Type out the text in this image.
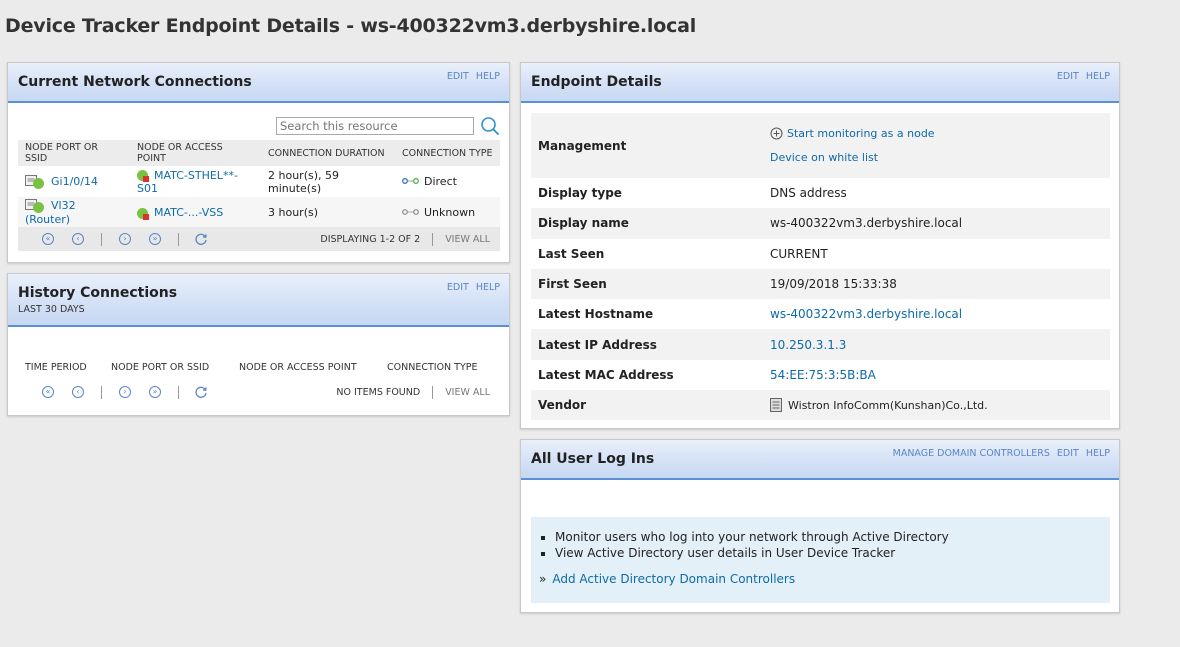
Device Tracker Endpoint Details - ws-400322vm3.derbyshire.local
Current Network Connections	EDIT HELP
Search this resource
NODE PORT OR SSID	NODE OR ACCESS POINT	CONNECTION DURATION	CONNECTION TYPE

Gi1/0/14	MATC-STHEL**-S01	2 hour(s), 59 minute(s)	Direct

Vl32 (Router)	MATC-...-VSS	3 hour(s)	Unknown
«	‹	›	»	DISPLAYING 1-2 OF 2	VIEW ALL
History Connections
LAST 30 DAYS
EDIT HELP
TIME PERIOD	NODE PORT OR SSID	NODE OR ACCESS POINT	CONNECTION TYPE
«	‹	›	»	NO ITEMS FOUND	VIEW ALL
Endpoint Details	EDIT HELP
Management	Start monitoring as a node
Device on white list

Display type	DNS address
Display name	ws-400322vm3.derbyshire.local
Last Seen	CURRENT
First Seen	19/09/2018 15:33:38
Latest Hostname	ws-400322vm3.derbyshire.local
Latest IP Address	10.250.3.1.3
Latest MAC Address	54:EE:75:3:5B:BA
Vendor	Wistron InfoComm(Kunshan)Co.,Ltd.
All User Log Ins	MANAGE DOMAIN CONTROLLERS EDIT HELP
▪ Monitor users who log into your network through Active Directory
▪ View Active Directory user details in User Device Tracker
» Add Active Directory Domain Controllers
